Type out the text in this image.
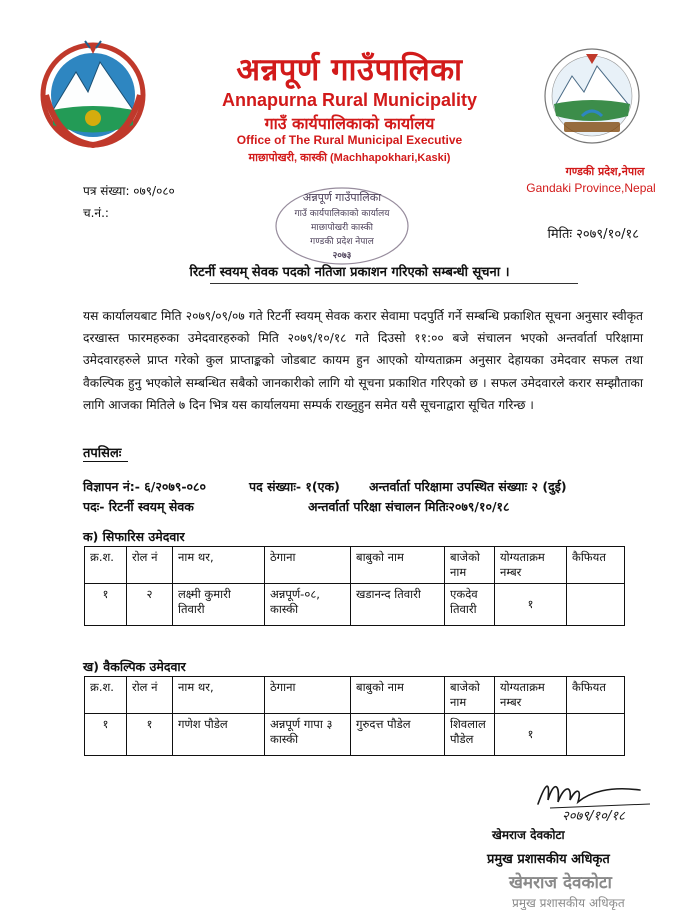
अन्नपूर्ण गाउँपालिका
Annapurna Rural Municipality
गाउँ कार्यपालिकाको कार्यालय
Office of The Rural Municipal Executive
माछापोखरी, कास्की (Machhapokhari,Kaski)
गण्डकी प्रदेश,नेपाल
Gandaki Province,Nepal
पत्र संख्या: ०७९/०८०
च.नं.:
मितिः २०७९/१०/१८
अन्नपूर्ण गाउँपालिका
गाउँ कार्यपालिकाको कार्यालय
माछापोखरी कास्की
गण्डकी प्रदेश नेपाल
२०७३
रिटर्नी स्वयम् सेवक पदको नतिजा प्रकाशन गरिएको सम्बन्धी सूचना ।
यस कार्यालयबाट मिति २०७९/०९/०७ गते रिटर्नी स्वयम् सेवक करार सेवामा पदपुर्ति गर्ने सम्बन्धि प्रकाशित सूचना अनुसार स्वीकृत दरखास्त फारमहरुका उमेदवारहरुको मिति २०७९/१०/१८ गते दिउसो ११:०० बजे संचालन भएको अन्तर्वार्ता परिक्षामा उमेदवारहरुले प्राप्त गरेको कुल प्राप्ताङ्कको जोडबाट कायम हुन आएको योग्यताक्रम अनुसार देहायका उमेदवार सफल तथा वैकल्पिक हुनु भएकोले सम्बन्धित सबैको जानकारीको लागि यो सूचना प्रकाशित गरिएको छ । सफल उमेदवारले करार सम्झौताका लागि आजका मितिले ७ दिन भित्र यस कार्यालयमा सम्पर्क राख्नुहुन समेत यसै सूचनाद्वारा सूचित गरिन्छ ।
तपसिलः
विज्ञापन नं:- ६/२०७९-०८०	पद संख्याः- १(एक) अन्तर्वार्ता परिक्षामा उपस्थित संख्याः २ (दुई)
पदः- रिटर्नी स्वयम् सेवक	अन्तर्वार्ता परिक्षा संचालन मितिः२०७९/१०/१८
क) सिफारिस उमेदवार
क्र.श.	रोल नं	नाम थर,	ठेगाना	बाबुको नाम	बाजेको नाम	योग्यताक्रम नम्बर	कैफियत
१	२	लक्ष्मी कुमारी तिवारी	अन्नपूर्ण-०८, कास्की	खडानन्द तिवारी	एकदेव तिवारी	१	
ख) वैकल्पिक उमेदवार
क्र.श.	रोल नं	नाम थर,	ठेगाना	बाबुको नाम	बाजेको नाम	योग्यताक्रम नम्बर	कैफियत
१	१	गणेश पौडेल	अन्नपूर्ण गापा ३ कास्की	गुरुदत्त पौडेल	शिवलाल पौडेल	१	
२०७९/१०/१८
खेमराज देवकोटा
प्रमुख प्रशासकीय अधिकृत
खेमराज देवकोटा
प्रमुख प्रशासकीय अधिकृत
